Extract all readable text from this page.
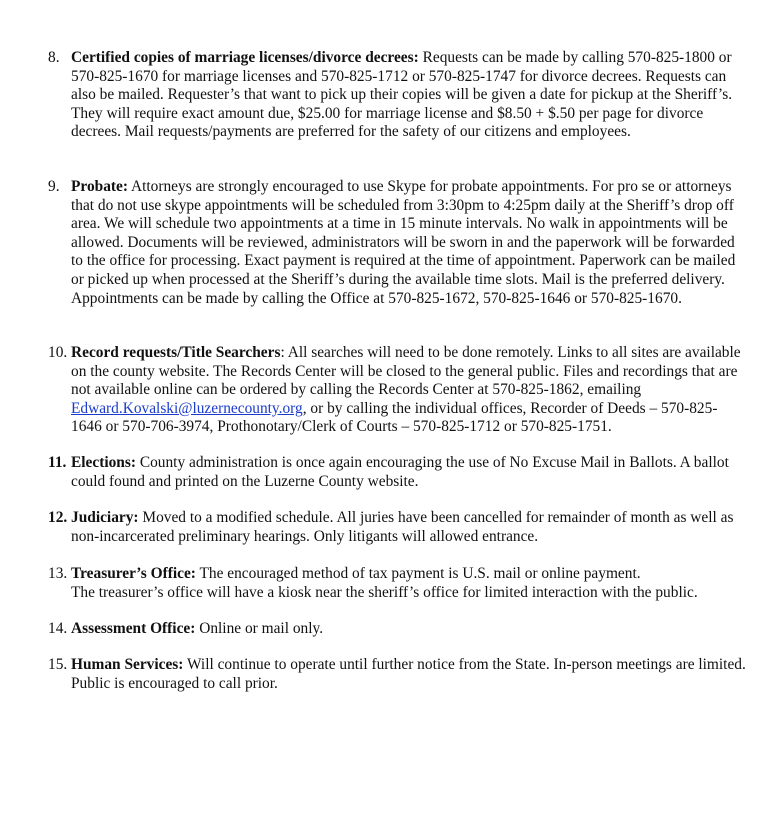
8. Certified copies of marriage licenses/divorce decrees: Requests can be made by calling 570-825-1800 or 570-825-1670 for marriage licenses and 570-825-1712 or 570-825-1747 for divorce decrees. Requests can also be mailed. Requester’s that want to pick up their copies will be given a date for pickup at the Sheriff’s. They will require exact amount due, $25.00 for marriage license and $8.50 + $.50 per page for divorce decrees. Mail requests/payments are preferred for the safety of our citizens and employees.
9. Probate: Attorneys are strongly encouraged to use Skype for probate appointments. For pro se or attorneys that do not use skype appointments will be scheduled from 3:30pm to 4:25pm daily at the Sheriff’s drop off area. We will schedule two appointments at a time in 15 minute intervals. No walk in appointments will be allowed. Documents will be reviewed, administrators will be sworn in and the paperwork will be forwarded to the office for processing. Exact payment is required at the time of appointment. Paperwork can be mailed or picked up when processed at the Sheriff’s during the available time slots. Mail is the preferred delivery. Appointments can be made by calling the Office at 570-825-1672, 570-825-1646 or 570-825-1670.
10. Record requests/Title Searchers: All searches will need to be done remotely. Links to all sites are available on the county website. The Records Center will be closed to the general public. Files and recordings that are not available online can be ordered by calling the Records Center at 570-825-1862, emailing Edward.Kovalski@luzernecounty.org, or by calling the individual offices, Recorder of Deeds – 570-825-1646 or 570-706-3974, Prothonotary/Clerk of Courts – 570-825-1712 or 570-825-1751.
11. Elections: County administration is once again encouraging the use of No Excuse Mail in Ballots. A ballot could found and printed on the Luzerne County website.
12. Judiciary: Moved to a modified schedule. All juries have been cancelled for remainder of month as well as non-incarcerated preliminary hearings. Only litigants will allowed entrance.
13. Treasurer’s Office: The encouraged method of tax payment is U.S. mail or online payment.
The treasurer’s office will have a kiosk near the sheriff’s office for limited interaction with the public.
14. Assessment Office: Online or mail only.
15. Human Services: Will continue to operate until further notice from the State. In-person meetings are limited. Public is encouraged to call prior.
